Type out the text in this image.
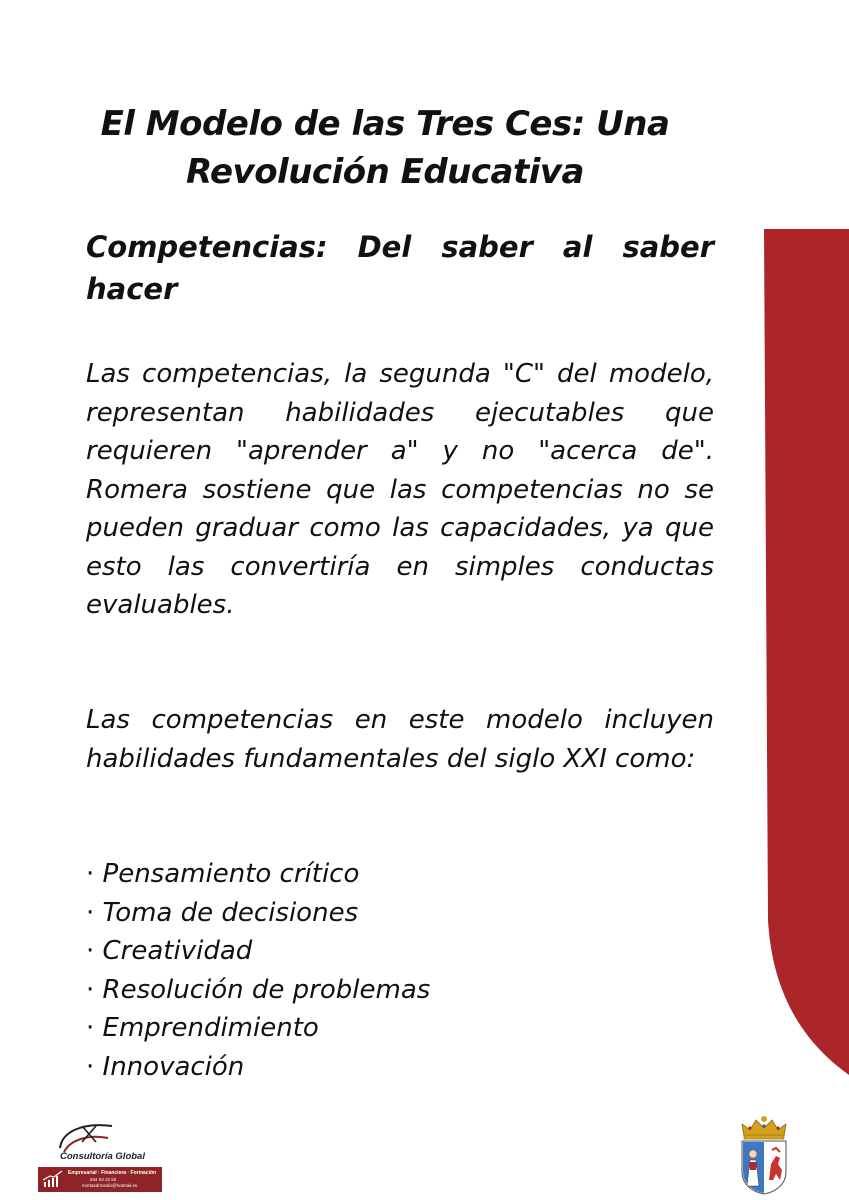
El Modelo de las Tres Ces: Una
Revolución Educativa
Competencias: Del saber al saber hacer

Las competencias, la segunda "C" del modelo, representan habilidades ejecutables que requieren "aprender a" y no "acerca de". Romera sostiene que las competencias no se pueden graduar como las capacidades, ya que esto las convertiría en simples conductas evaluables.

Las competencias en este modelo incluyen habilidades fundamentales del siglo XXI como:

· Pensamiento crítico
· Toma de decisiones
· Creatividad
· Resolución de problemas
· Emprendimiento
· Innovación
Consultoría Global
Empresarial · Financiera · Formación
634 53 22 82
mortasdrmedio@hotmail.es
